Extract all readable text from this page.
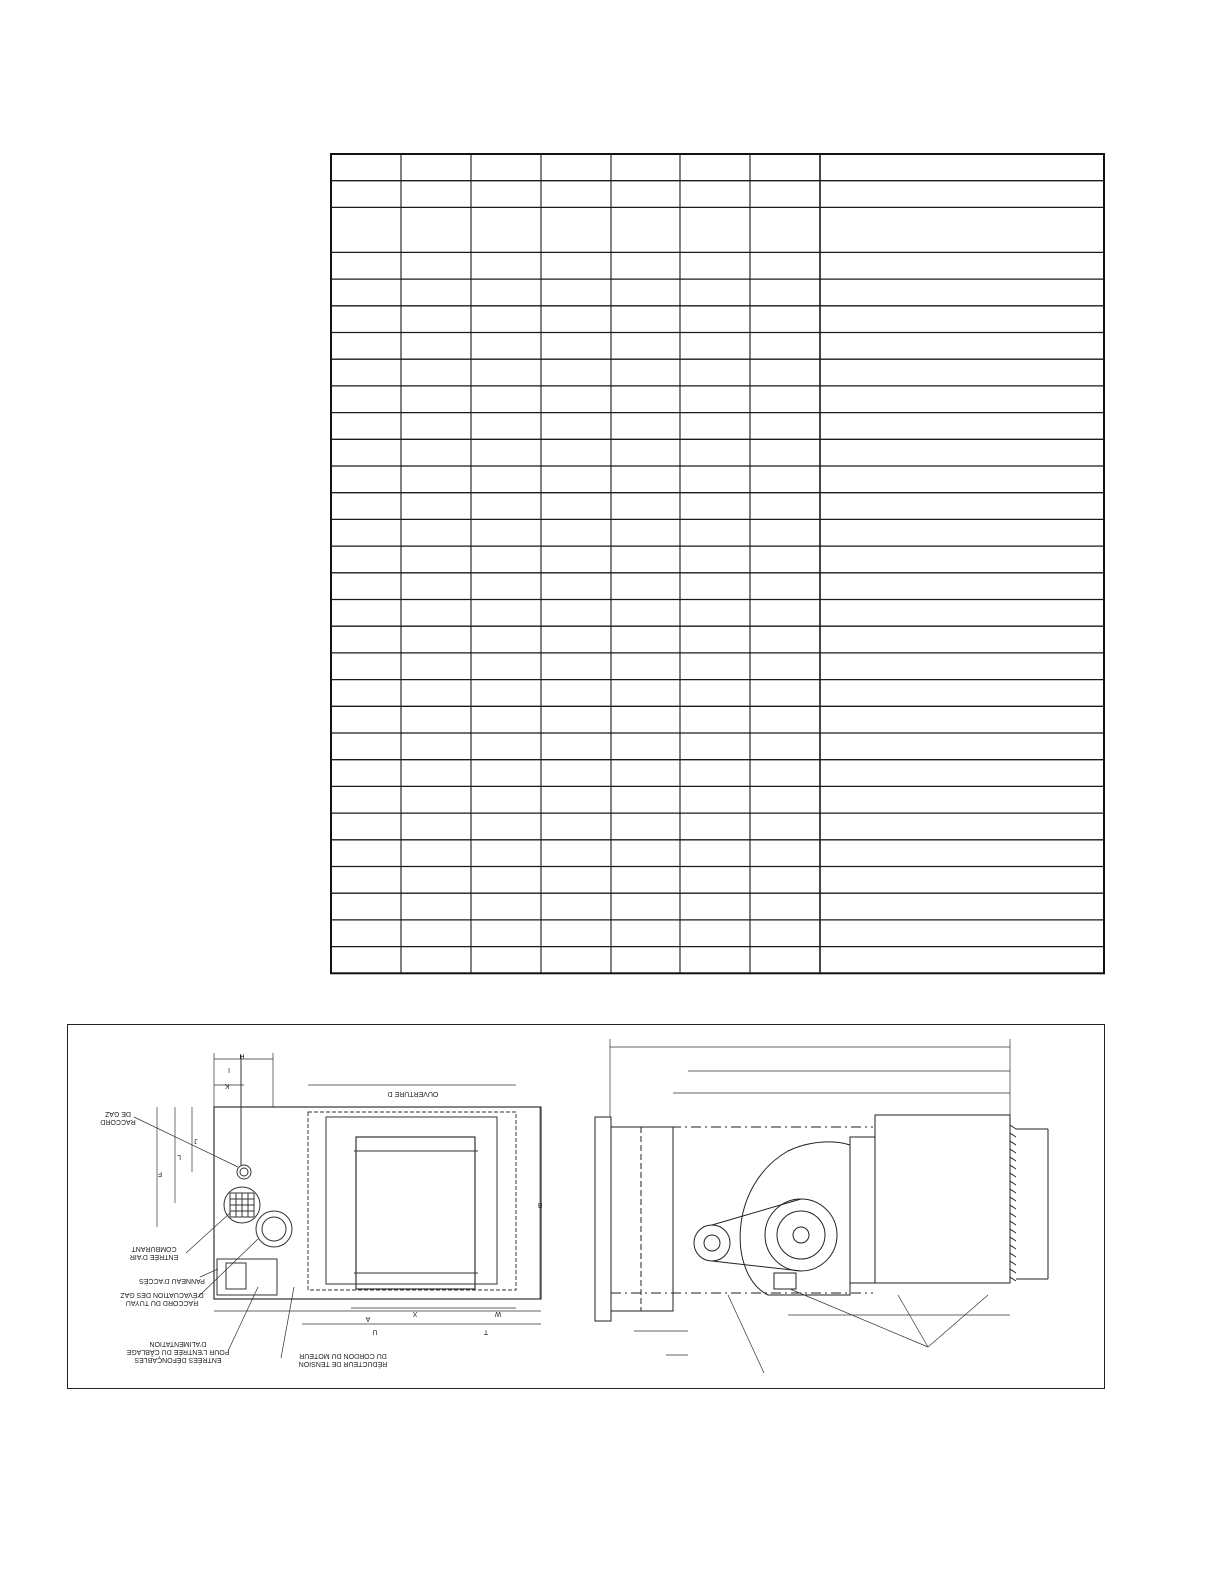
H
I
K
F
L
J
B
A
T
U
W
X
OUVERTURE D
RACCORD
DE GAZ
ENTRÉE D'AIR
COMBURANT
PANNEAU D'ACCÈS
RACCORD DU TUYAU
D'ÉVACUATION DES GAZ
ENTRÉES DÉFONÇABLES
POUR L'ENTRÉE DU CÂBLAGE
D'ALIMENTATION
RÉDUCTEUR DE TENSION
DU CORDON DU MOTEUR
